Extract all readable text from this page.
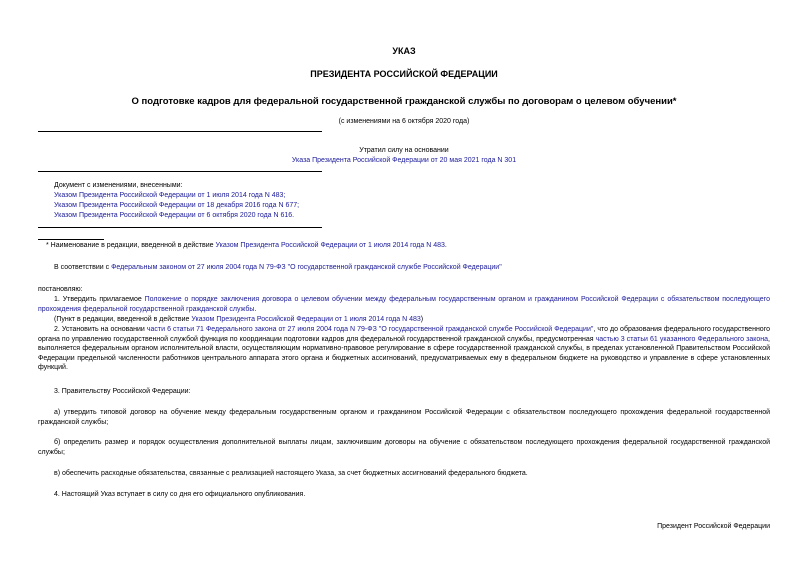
УКАЗ
ПРЕЗИДЕНТА РОССИЙСКОЙ ФЕДЕРАЦИИ
О подготовке кадров для федеральной государственной гражданской службы по договорам о целевом обучении*
(с изменениями на 6 октября 2020 года)
Утратил силу на основании
Указа Президента Российской Федерации от 20 мая 2021 года N 301
Документ с изменениями, внесенными:
Указом Президента Российской Федерации от 1 июля 2014 года N 483;
Указом Президента Российской Федерации от 18 декабря 2016 года N 677;
Указом Президента Российской Федерации от 6 октября 2020 года N 616.
* Наименование в редакции, введенной в действие Указом Президента Российской Федерации от 1 июля 2014 года N 483.
В соответствии с Федеральным законом от 27 июля 2004 года N 79-ФЗ "О государственной гражданской службе Российской Федерации"
постановляю:
1. Утвердить прилагаемое Положение о порядке заключения договора о целевом обучении между федеральным государственным органом и гражданином Российской Федерации с обязательством последующего прохождения федеральной государственной гражданской службы.
(Пункт в редакции, введенной в действие Указом Президента Российской Федерации от 1 июля 2014 года N 483)
2. Установить на основании части 6 статьи 71 Федерального закона от 27 июля 2004 года N 79-ФЗ "О государственной гражданской службе Российской Федерации", что до образования федерального государственного органа по управлению государственной службой функция по координации подготовки кадров для федеральной государственной гражданской службы, предусмотренная частью 3 статьи 61 указанного Федерального закона, выполняется федеральным органом исполнительной власти, осуществляющим нормативно-правовое регулирование в сфере государственной гражданской службы, в пределах установленной Правительством Российской Федерации предельной численности работников центрального аппарата этого органа и бюджетных ассигнований, предусматриваемых ему в федеральном бюджете на руководство и управление в сфере установленных функций.
3. Правительству Российской Федерации:
а) утвердить типовой договор на обучение между федеральным государственным органом и гражданином Российской Федерации с обязательством последующего прохождения федеральной государственной гражданской службы;
б) определить размер и порядок осуществления дополнительной выплаты лицам, заключившим договоры на обучение с обязательством последующего прохождения федеральной государственной гражданской службы;
в) обеспечить расходные обязательства, связанные с реализацией настоящего Указа, за счет бюджетных ассигнований федерального бюджета.
4. Настоящий Указ вступает в силу со дня его официального опубликования.
Президент Российской Федерации
